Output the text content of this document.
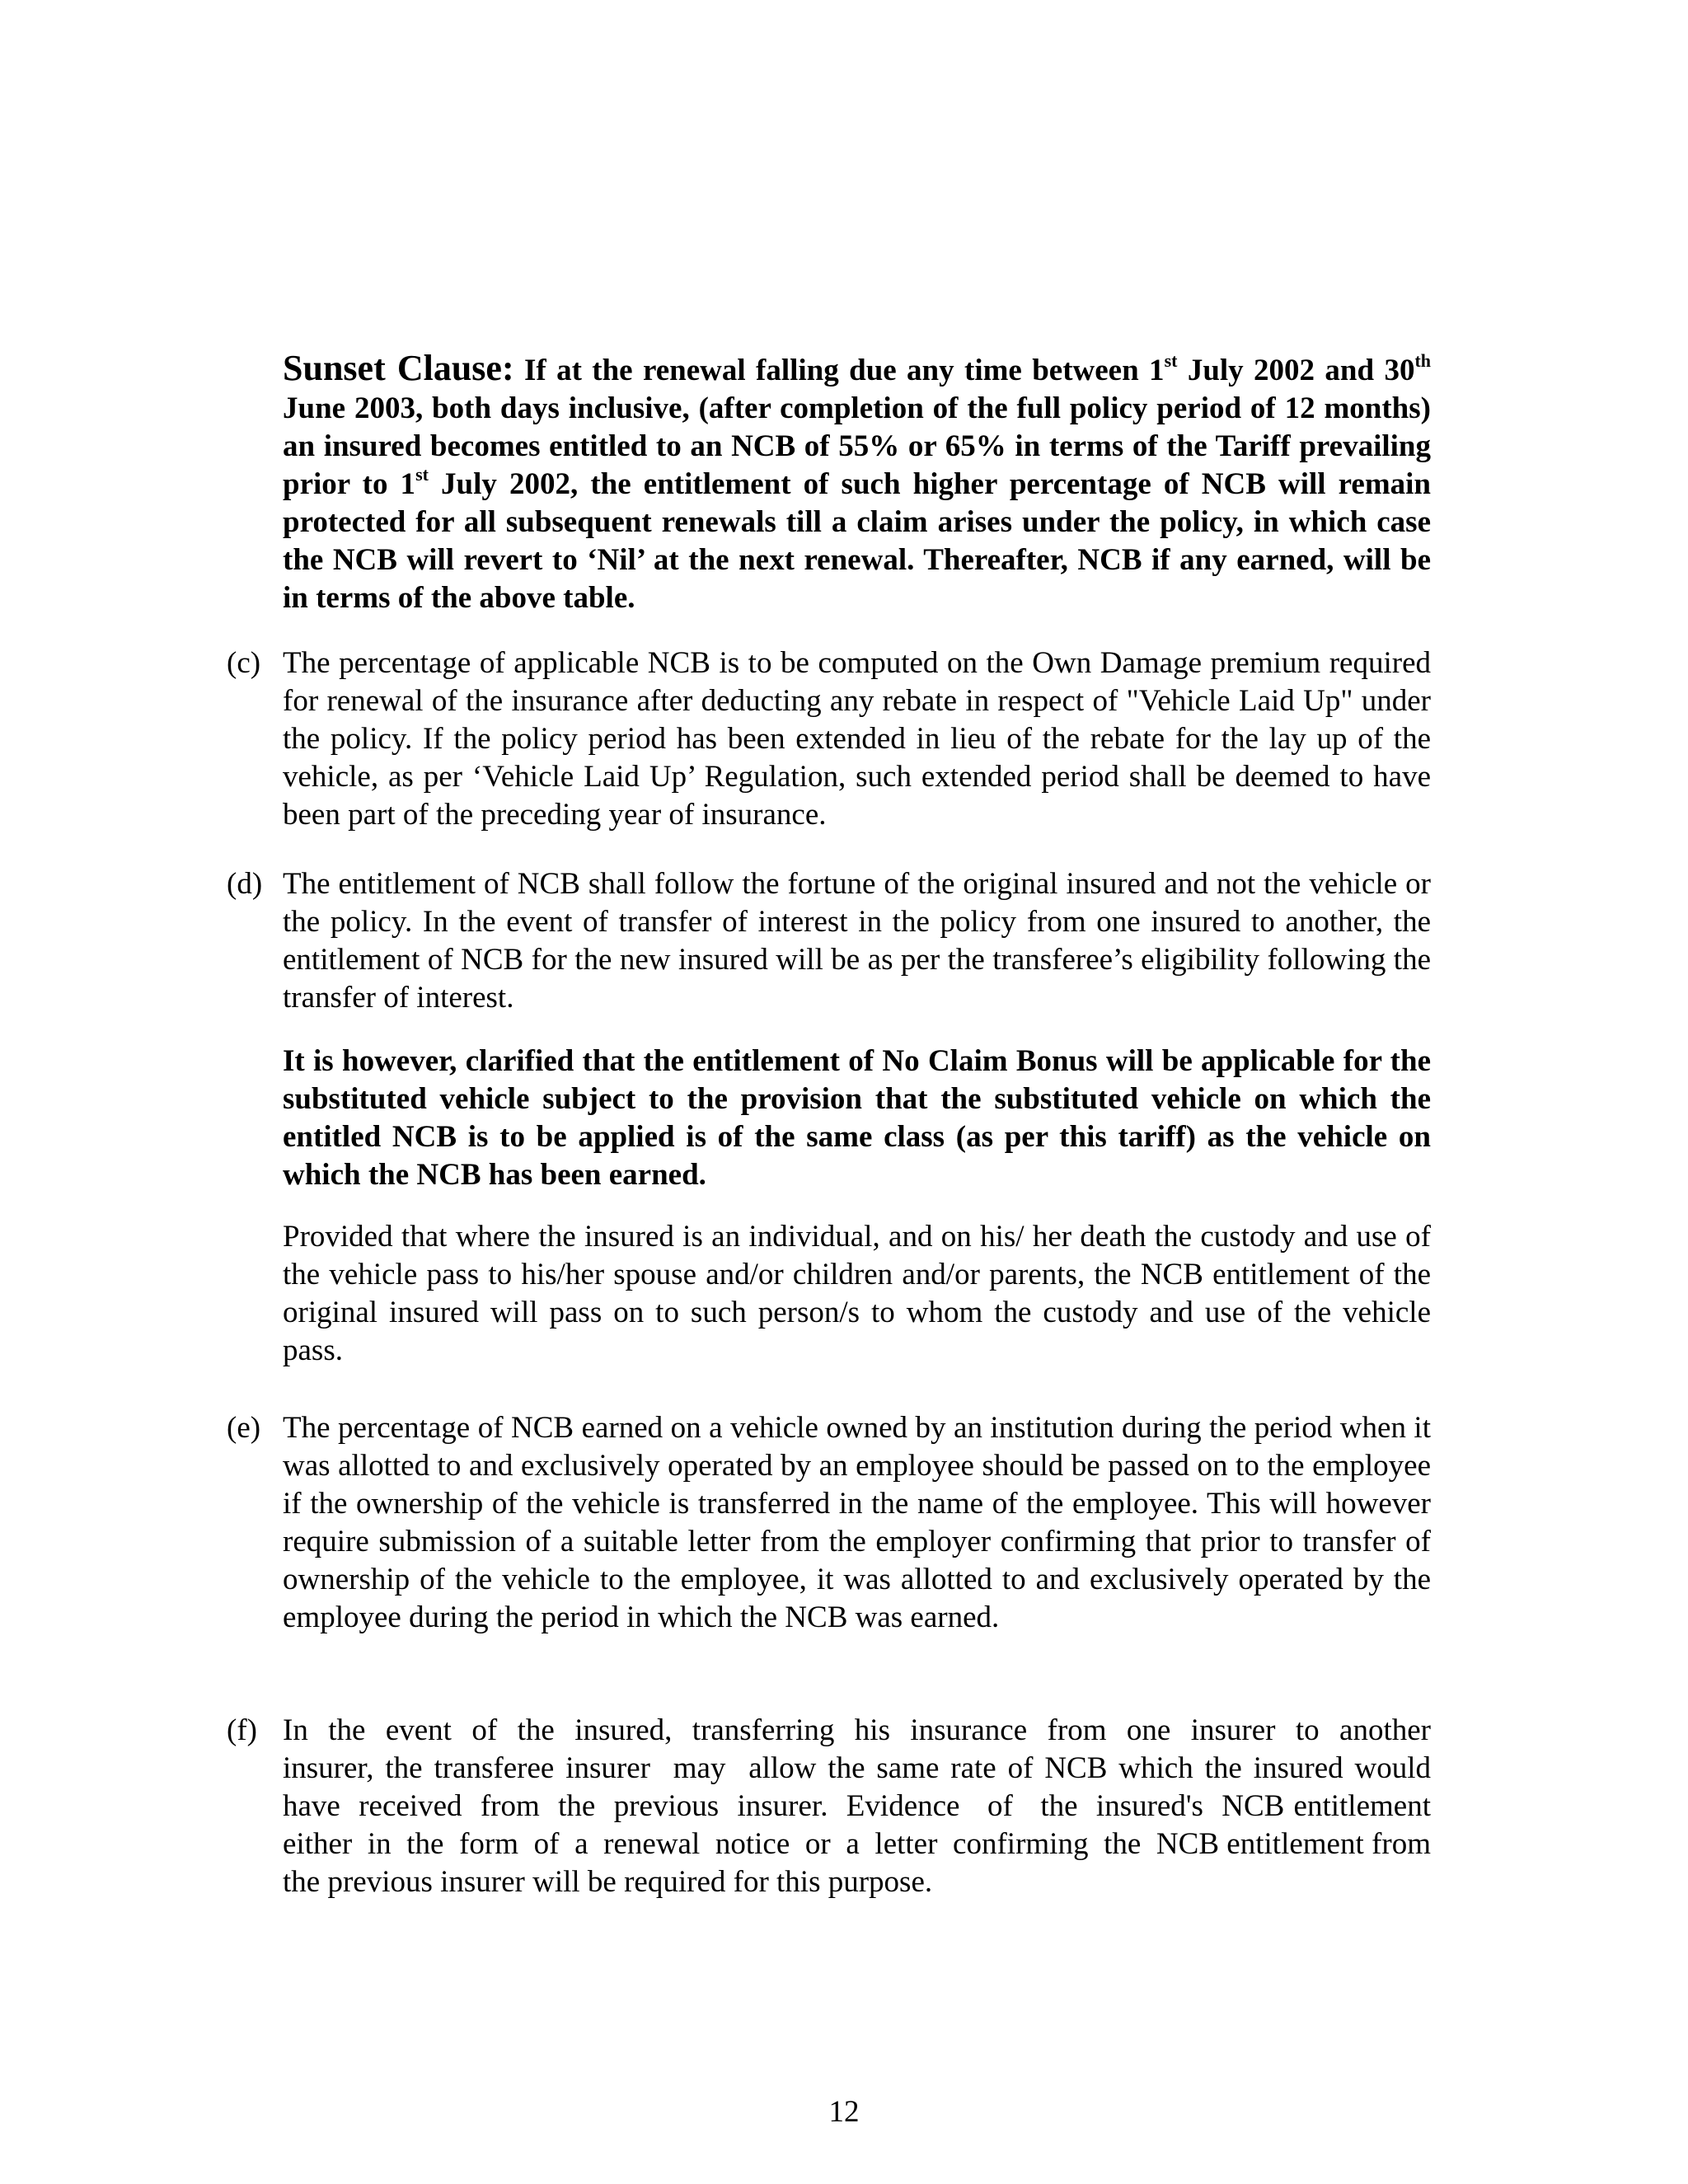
Sunset Clause: If at the renewal falling due any time between 1st July 2002 and 30th June 2003, both days inclusive, (after completion of the full policy period of 12 months) an insured becomes entitled to an NCB of 55% or 65% in terms of the Tariff prevailing prior to 1st July 2002, the entitlement of such higher percentage of NCB will remain protected for all subsequent renewals till a claim arises under the policy, in which case the NCB will revert to ‘Nil’ at the next renewal. Thereafter, NCB if any earned, will be in terms of the above table.
(c) The percentage of applicable NCB is to be computed on the Own Damage premium required for renewal of the insurance after deducting any rebate in respect of "Vehicle Laid Up" under the policy. If the policy period has been extended in lieu of the rebate for the lay up of the vehicle, as per ‘Vehicle Laid Up’ Regulation, such extended period shall be deemed to have been part of the preceding year of insurance.
(d) The entitlement of NCB shall follow the fortune of the original insured and not the vehicle or the policy. In the event of transfer of interest in the policy from one insured to another, the entitlement of NCB for the new insured will be as per the transferee’s eligibility following the transfer of interest.
It is however, clarified that the entitlement of No Claim Bonus will be applicable for the substituted vehicle subject to the provision that the substituted vehicle on which the entitled NCB is to be applied is of the same class (as per this tariff) as the vehicle on which the NCB has been earned.
Provided that where the insured is an individual, and on his/ her death the custody and use of the vehicle pass to his/her spouse and/or children and/or parents, the NCB entitlement of the original insured will pass on to such person/s to whom the custody and use of the vehicle pass.
(e) The percentage of NCB earned on a vehicle owned by an institution during the period when it was allotted to and exclusively operated by an employee should be passed on to the employee if the ownership of the vehicle is transferred in the name of the employee. This will however require submission of a suitable letter from the employer confirming that prior to transfer of ownership of the vehicle to the employee, it was allotted to and exclusively operated by the employee during the period in which the NCB was earned.
(f) In  the  event  of  the  insured,  transferring  his  insurance  from  one  insurer  to  another insurer, the transferee insurer  may  allow the same rate of NCB which the insured would  have  received  from  the  previous  insurer.  Evidence   of   the  insured's  NCB entitlement  either  in  the  form  of  a  renewal  notice  or  a  letter  confirming  the  NCB entitlement from the previous insurer will be required for this purpose.
12
